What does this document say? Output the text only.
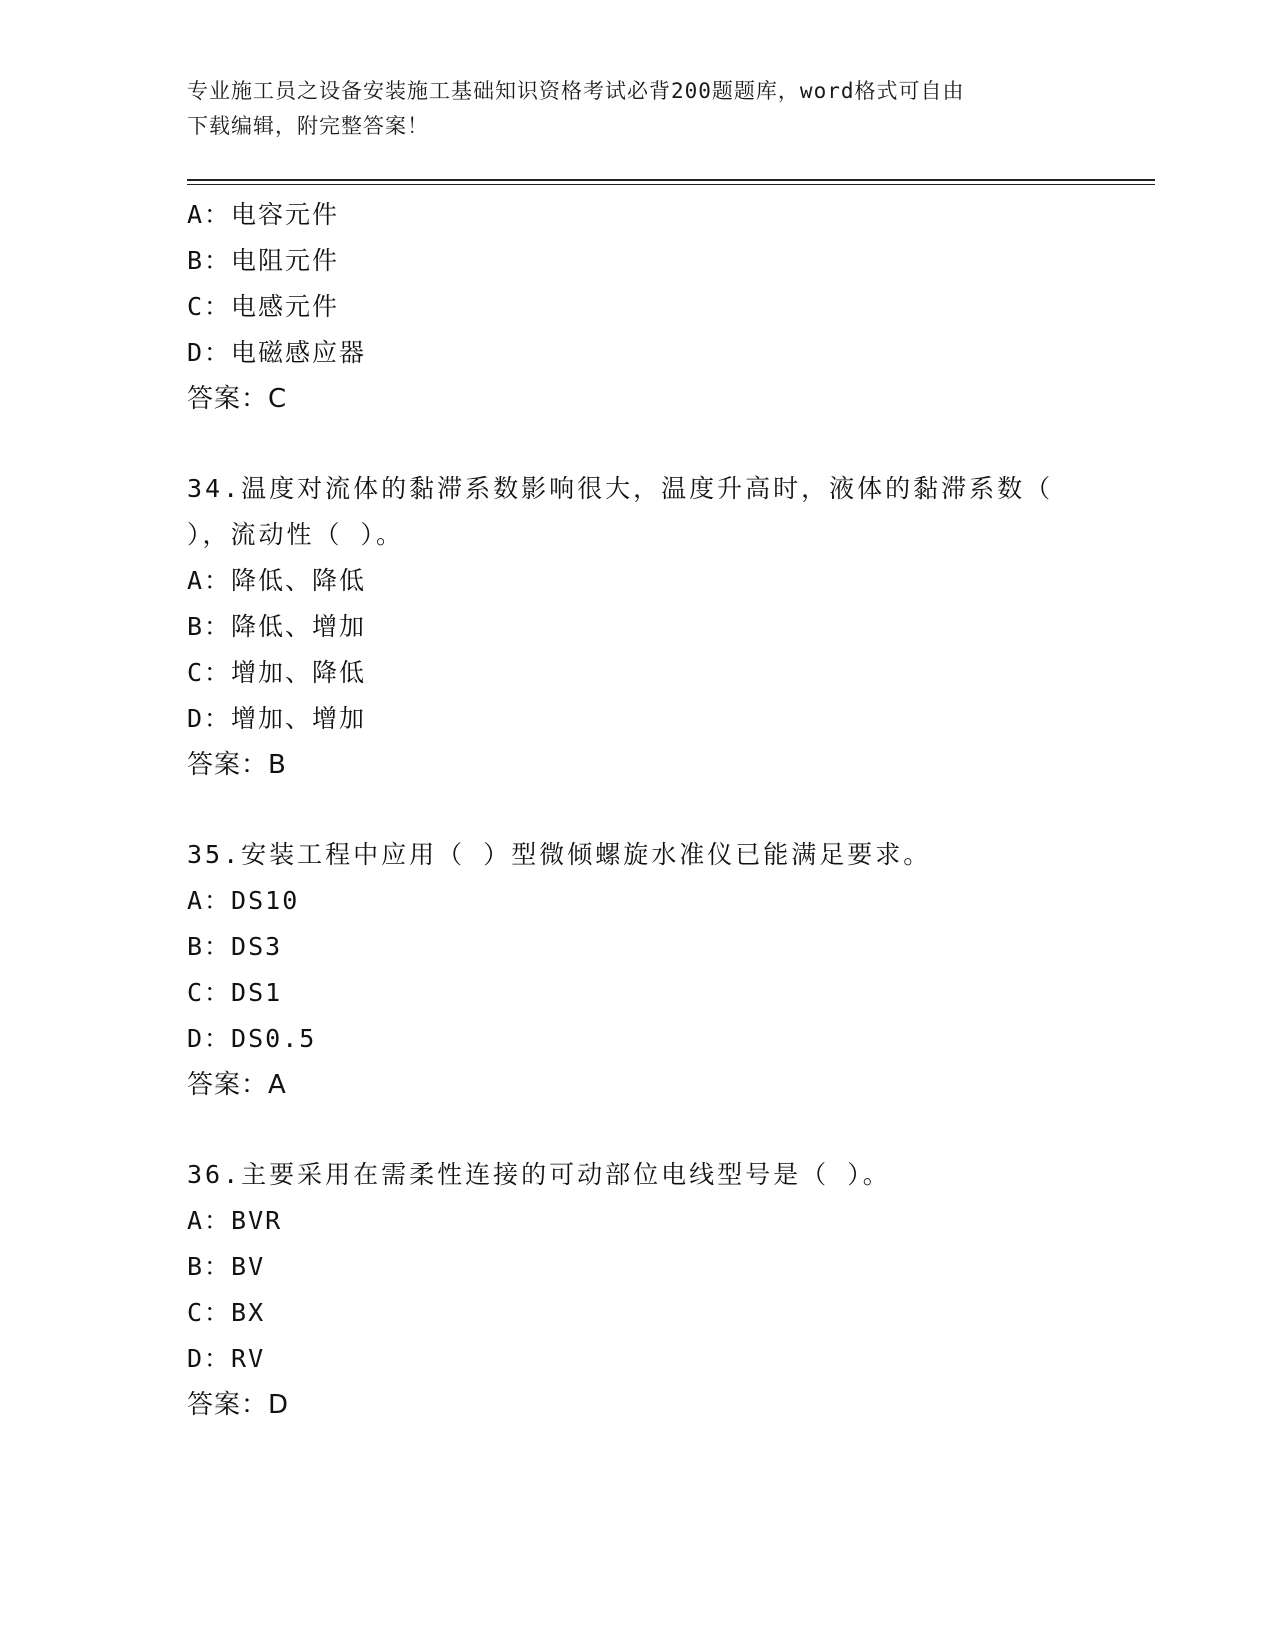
专业施工员之设备安装施工基础知识资格考试必背200题题库，word格式可自由
下载编辑，附完整答案！
A：电容元件
B：电阻元件
C：电感元件
D：电磁感应器
答案：C
34.温度对流体的黏滞系数影响很大，温度升高时，液体的黏滞系数（
），流动性（ ）。
A：降低、降低
B：降低、增加
C：增加、降低
D：增加、增加
答案：B
35.安装工程中应用（ ）型微倾螺旋水准仪已能满足要求。
A：DS10
B：DS3
C：DS1
D：DS0.5
答案：A
36.主要采用在需柔性连接的可动部位电线型号是（ ）。
A：BVR
B：BV
C：BX
D：RV
答案：D
